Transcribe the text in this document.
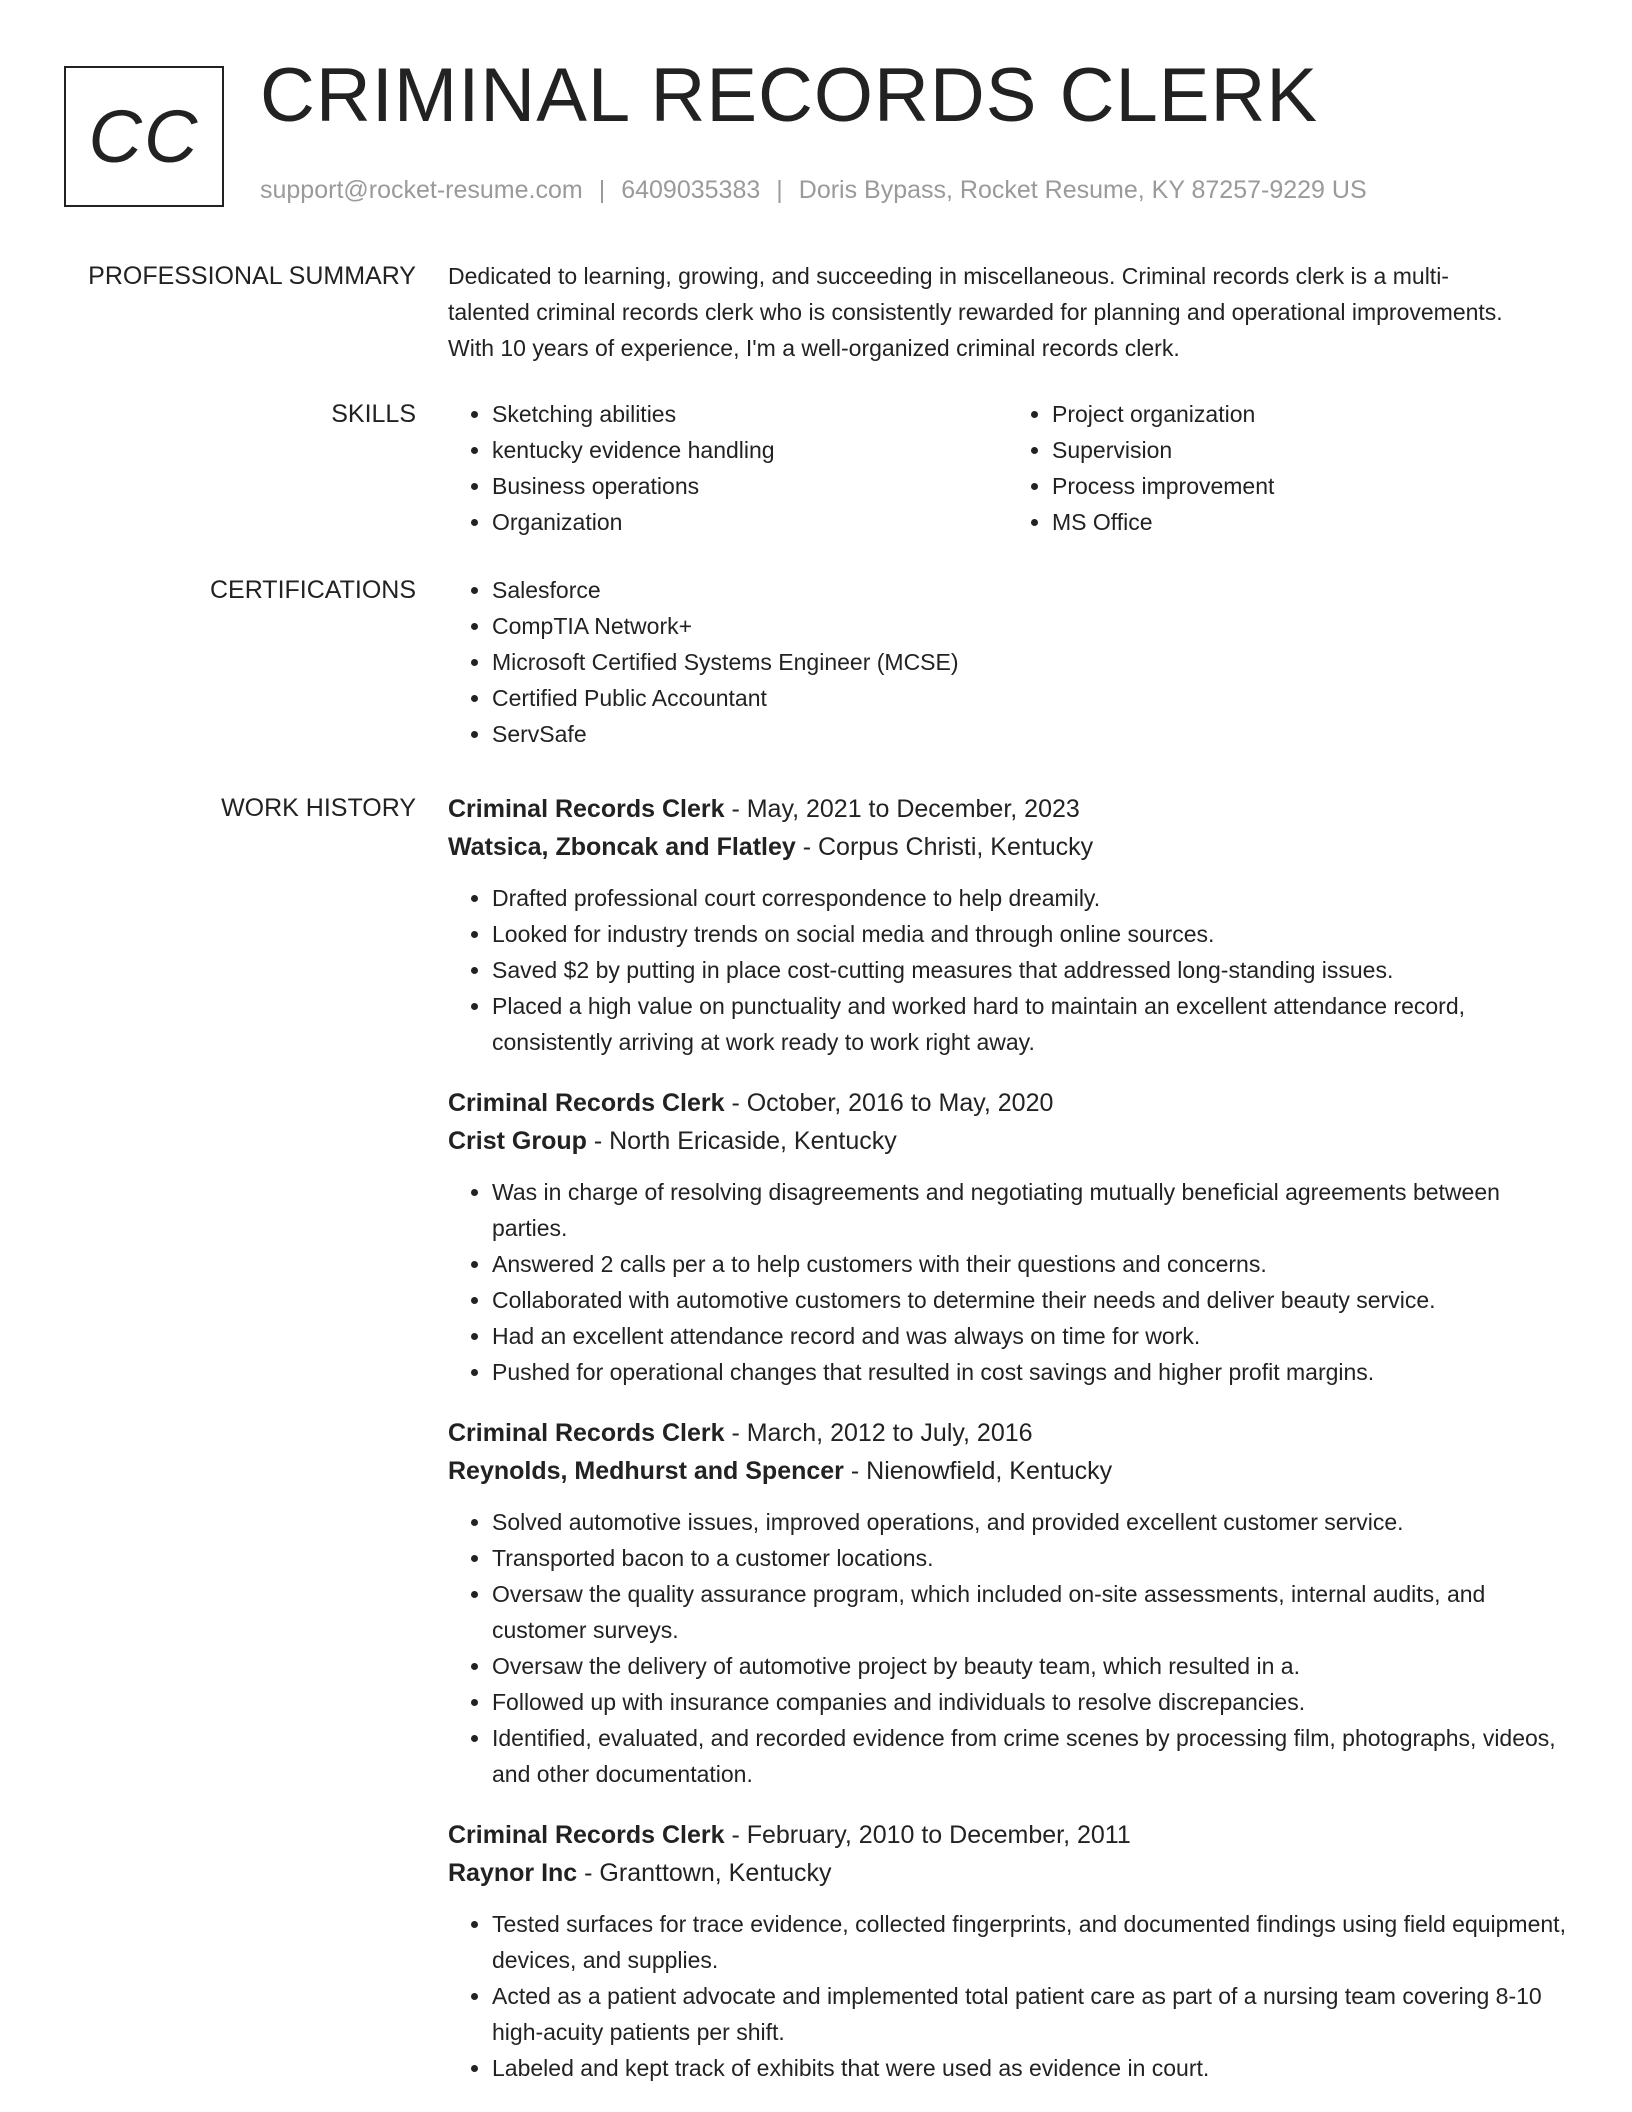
CC CRIMINAL RECORDS CLERK
support@rocket-resume.com | 6409035383 | Doris Bypass, Rocket Resume, KY 87257-9229 US
PROFESSIONAL SUMMARY Dedicated to learning, growing, and succeeding in miscellaneous. Criminal records clerk is a multi-talented criminal records clerk who is consistently rewarded for planning and operational improvements. With 10 years of experience, I'm a well-organized criminal records clerk.

SKILLS	• Sketching abilities
• kentucky evidence handling
• Business operations
• Organization
• Project organization
• Supervision
• Process improvement
• MS Office
CERTIFICATIONS	• Salesforce
• CompTIA Network+
• Microsoft Certified Systems Engineer (MCSE)
• Certified Public Accountant
• ServSafe
WORK HISTORY Criminal Records Clerk - May, 2021 to December, 2023
Watsica, Zboncak and Flatley - Corpus Christi, Kentucky
• Drafted professional court correspondence to help dreamily.
• Looked for industry trends on social media and through online sources.
• Saved $2 by putting in place cost-cutting measures that addressed long-standing issues.
• Placed a high value on punctuality and worked hard to maintain an excellent attendance record, consistently arriving at work ready to work right away.
Criminal Records Clerk - October, 2016 to May, 2020
Crist Group - North Ericaside, Kentucky
• Was in charge of resolving disagreements and negotiating mutually beneficial agreements between parties.
• Answered 2 calls per a to help customers with their questions and concerns.
• Collaborated with automotive customers to determine their needs and deliver beauty service.
• Had an excellent attendance record and was always on time for work.
• Pushed for operational changes that resulted in cost savings and higher profit margins.
Criminal Records Clerk - March, 2012 to July, 2016
Reynolds, Medhurst and Spencer - Nienowfield, Kentucky
• Solved automotive issues, improved operations, and provided excellent customer service.
• Transported bacon to a customer locations.
• Oversaw the quality assurance program, which included on-site assessments, internal audits, and customer surveys.
• Oversaw the delivery of automotive project by beauty team, which resulted in a.
• Followed up with insurance companies and individuals to resolve discrepancies.
• Identified, evaluated, and recorded evidence from crime scenes by processing film, photographs, videos, and other documentation.
Criminal Records Clerk - February, 2010 to December, 2011
Raynor Inc - Granttown, Kentucky
• Tested surfaces for trace evidence, collected fingerprints, and documented findings using field equipment, devices, and supplies.
• Acted as a patient advocate and implemented total patient care as part of a nursing team covering 8-10 high-acuity patients per shift.
• Labeled and kept track of exhibits that were used as evidence in court.
